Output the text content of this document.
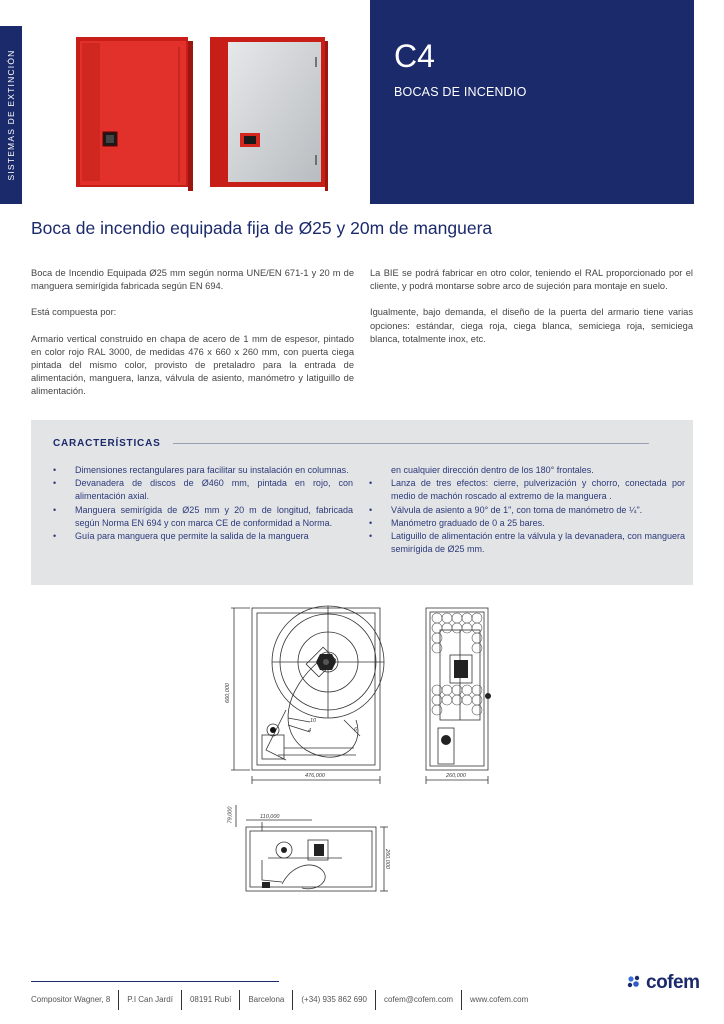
SISTEMAS DE EXTINCIÓN	C4
BOCAS DE INCENDIO
Boca de incendio equipada fija de Ø25 y 20m de manguera

Boca de Incendio Equipada Ø25 mm según norma UNE/EN 671-1 y 20 m de manguera semirígida fabricada según EN 694.

Está compuesta por:

Armario vertical construido en chapa de acero de 1 mm de espesor, pintado en color rojo RAL 3000, de medidas 476 x 660 x 260 mm, con puerta ciega pintada del mismo color, provisto de pretaladro para la entrada de alimentación, manguera, lanza, válvula de asiento, manómetro y latiguillo de alimentación.

La BIE se podrá fabricar en otro color, teniendo el RAL proporcionado por el cliente, y podrá montarse sobre arco de sujeción para montaje en suelo.

Igualmente, bajo demanda, el diseño de la puerta del armario tiene varias opciones: estándar, ciega roja, ciega blanca, semiciega roja, semiciega blanca, totalmente inox, etc.

CARACTERÍSTICAS
• Dimensiones rectangulares para facilitar su instalación en columnas.
• Devanadera de discos de Ø460 mm, pintada en rojo, con alimentación axial.
• Manguera semirígida de Ø25 mm y 20 m de longitud, fabricada según Norma EN 694 y con marca CE de conformidad a Norma.
• Guía para manguera que permite la salida de la manguera
en cualquier dirección dentro de los 180° frontales.
• Lanza de tres efectos: cierre, pulverización y chorro, conectada por medio de machón roscado al extremo de la manguera .
• Válvula de asiento a 90° de 1", con toma de manómetro de ¼".
• Manómetro graduado de 0 a 25 bares.
• Latiguillo de alimentación entre la válvula y la devanadera, con manguera semirígida de Ø25 mm.
660,000
476,000
10
4	6
260,000
79,000	110,000
260,000
Compositor Wagner, 8	P.I Can Jardí	08191 Rubí	Barcelona	(+34) 935 862 690	cofem@cofem.com	www.cofem.com
cofem
